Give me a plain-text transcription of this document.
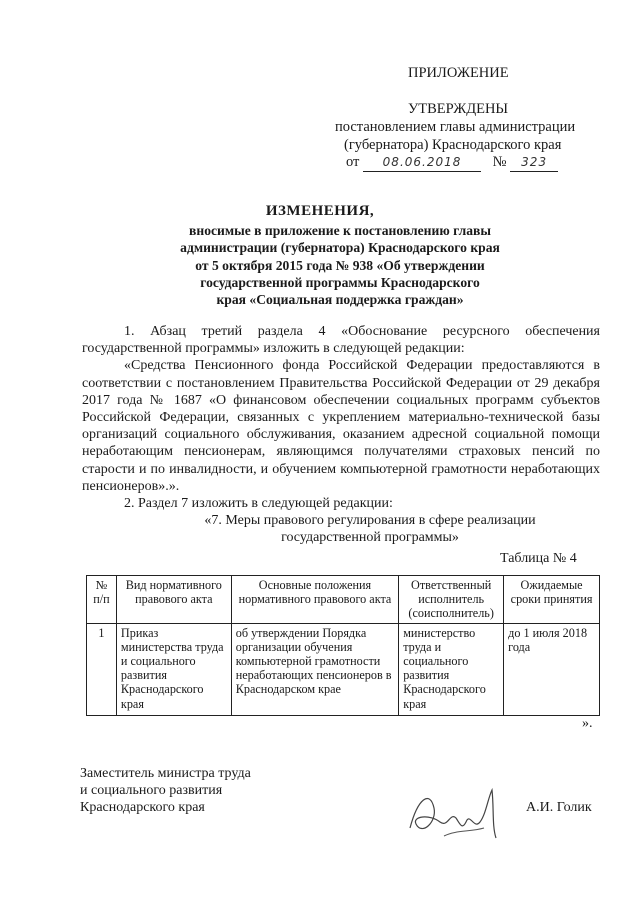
ПРИЛОЖЕНИЕ
УТВЕРЖДЕНЫ
постановлением главы администрации
(губернатора) Краснодарского края
от 08.06.2018 № 323
ИЗМЕНЕНИЯ,
вносимые в приложение к постановлению главы
администрации (губернатора) Краснодарского края
от 5 октября 2015 года № 938 «Об утверждении
государственной программы Краснодарского
края «Социальная поддержка граждан»

1. Абзац третий раздела 4 «Обоснование ресурсного обеспечения государственной программы» изложить в следующей редакции:

«Средства Пенсионного фонда Российской Федерации предоставляются в соответствии с постановлением Правительства Российской Федерации от 29 декабря 2017 года № 1687 «О финансовом обеспечении социальных программ субъектов Российской Федерации, связанных с укреплением материально-технической базы организаций социального обслуживания, оказанием адресной социальной помощи неработающим пенсионерам, являющимся получателями страховых пенсий по старости и по инвалидности, и обучением компьютерной грамотности неработающих пенсионеров».».

2. Раздел 7 изложить в следующей редакции:

«7. Меры правового регулирования в сфере реализации
государственной программы»
Таблица № 4
№ п/п	Вид нормативного правового акта	Основные положения нормативного правового акта	Ответственный исполнитель (соисполнитель)	Ожидаемые сроки принятия
1	Приказ министерства труда и социального развития Краснодарского края	об утверждении Порядка организации обучения компьютерной грамотности неработающих пенсионеров в Краснодарском крае	министерство труда и социального развития Краснодарского края	до 1 июля 2018 года
».
Заместитель министра труда
и социального развития
Краснодарского края	А.И. Голик
